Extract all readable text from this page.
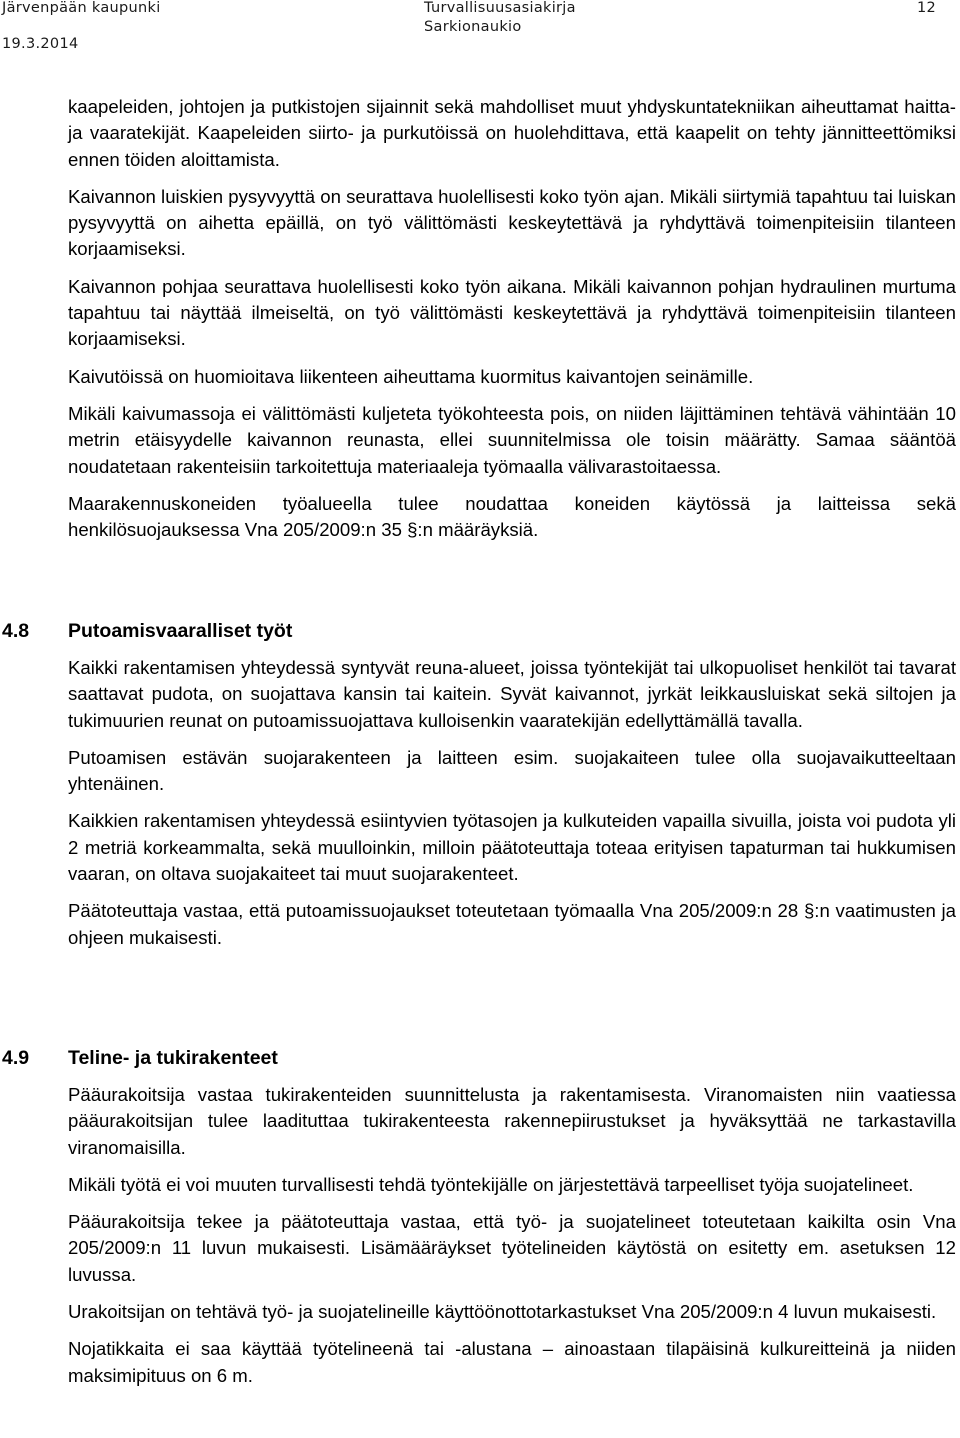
Järvenpään kaupunki
19.3.2014
Turvallisuusasiakirja
Sarkionaukio
12

kaapeleiden, johtojen ja putkistojen sijainnit sekä mahdolliset muut yhdyskuntatekniikan aiheuttamat haitta- ja vaaratekijät. Kaapeleiden siirto- ja purkutöissä on huolehdittava, että kaapelit on tehty jännitteettömiksi ennen töiden aloittamista.

Kaivannon luiskien pysyvyyttä on seurattava huolellisesti koko työn ajan. Mikäli siirtymiä tapahtuu tai luiskan pysyvyyttä on aihetta epäillä, on työ välittömästi keskeytettävä ja ryhdyttävä toimenpiteisiin tilanteen korjaamiseksi.

Kaivannon pohjaa seurattava huolellisesti koko työn aikana. Mikäli kaivannon pohjan hydraulinen murtuma tapahtuu tai näyttää ilmeiseltä, on työ välittömästi keskeytettävä ja ryhdyttävä toimenpiteisiin tilanteen korjaamiseksi.

Kaivutöissä on huomioitava liikenteen aiheuttama kuormitus kaivantojen seinämille.

Mikäli kaivumassoja ei välittömästi kuljeteta työkohteesta pois, on niiden läjittäminen tehtävä vähintään 10 metrin etäisyydelle kaivannon reunasta, ellei suunnitelmissa ole toisin määrätty. Samaa sääntöä noudatetaan rakenteisiin tarkoitettuja materiaaleja työmaalla välivarastoitaessa.

Maarakennuskoneiden työalueella tulee noudattaa koneiden käytössä ja laitteissa sekä henkilösuojauksessa Vna 205/2009:n 35 §:n määräyksiä.

4.8 Putoamisvaaralliset työt

Kaikki rakentamisen yhteydessä syntyvät reuna-alueet, joissa työntekijät tai ulkopuoliset henkilöt tai tavarat saattavat pudota, on suojattava kansin tai kaitein. Syvät kaivannot, jyrkät leikkausluiskat sekä siltojen ja tukimuurien reunat on putoamissuojattava kulloisenkin vaaratekijän edellyttämällä tavalla.

Putoamisen estävän suojarakenteen ja laitteen esim. suojakaiteen tulee olla suojavaikutteeltaan yhtenäinen.

Kaikkien rakentamisen yhteydessä esiintyvien työtasojen ja kulkuteiden vapailla sivuilla, joista voi pudota yli 2 metriä korkeammalta, sekä muulloinkin, milloin päätoteuttaja toteaa erityisen tapaturman tai hukkumisen vaaran, on oltava suojakaiteet tai muut suojarakenteet.

Päätoteuttaja vastaa, että putoamissuojaukset toteutetaan työmaalla Vna 205/2009:n 28 §:n vaatimusten ja ohjeen mukaisesti.

4.9 Teline- ja tukirakenteet

Pääurakoitsija vastaa tukirakenteiden suunnittelusta ja rakentamisesta. Viranomaisten niin vaatiessa pääurakoitsijan tulee laadituttaa tukirakenteesta rakennepiirustukset ja hyväksyttää ne tarkastavilla viranomaisilla.

Mikäli työtä ei voi muuten turvallisesti tehdä työntekijälle on järjestettävä tarpeelliset työja suojatelineet.

Pääurakoitsija tekee ja päätoteuttaja vastaa, että työ- ja suojatelineet toteutetaan kaikilta osin Vna 205/2009:n 11 luvun mukaisesti. Lisämääräykset työtelineiden käytöstä on esitetty em. asetuksen 12 luvussa.

Urakoitsijan on tehtävä työ- ja suojatelineille käyttöönottotarkastukset Vna 205/2009:n 4 luvun mukaisesti.

Nojatikkaita ei saa käyttää työtelineenä tai -alustana – ainoastaan tilapäisinä kulkureitteinä ja niiden maksimipituus on 6 m.
